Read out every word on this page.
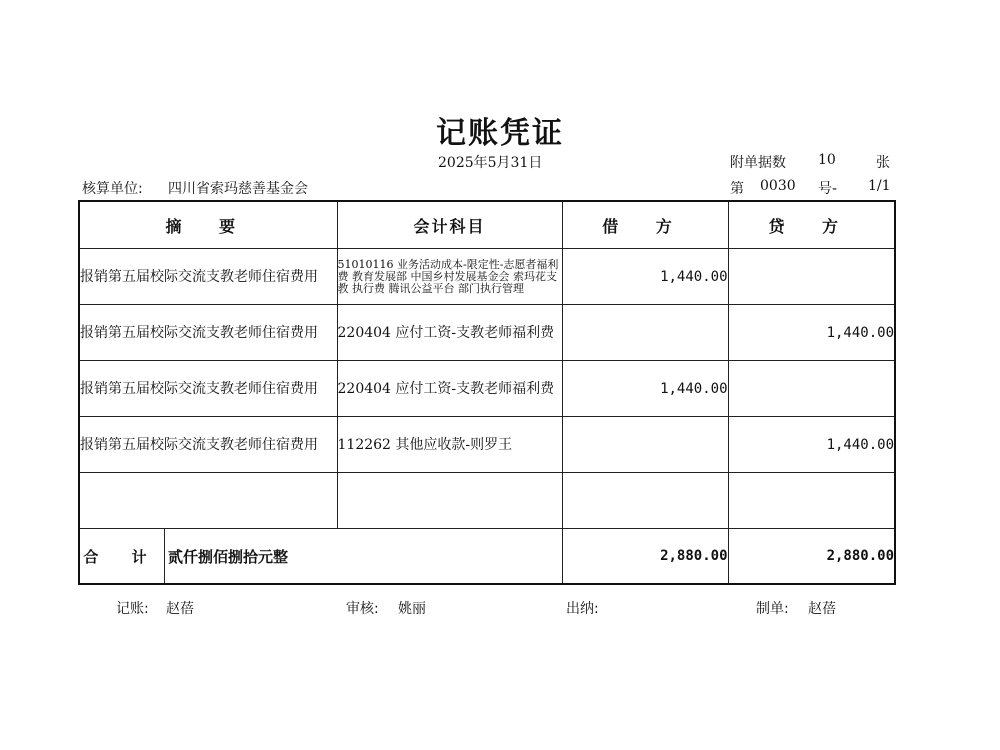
记账凭证
2025年5月31日	附单据数 10	张
核算单位: 四川省索玛慈善基金会	第 0030 号- 1/1
摘 要	会计科目	借 方	贷 方
报销第五届校际交流支教老师住宿费用	51010116 业务活动成本-限定性-志愿者福利费 教育发展部 中国乡村发展基金会 索玛花支教 执行费 腾讯公益平台 部门执行管理	1,440.00	
报销第五届校际交流支教老师住宿费用	220404 应付工资-支教老师福利费		1,440.00
报销第五届校际交流支教老师住宿费用	220404 应付工资-支教老师福利费	1,440.00	
报销第五届校际交流支教老师住宿费用	112262 其他应收款-则罗王		1,440.00

合 计 贰仟捌佰捌拾元整		2,880.00	2,880.00
记账: 赵蓓	审核: 姚丽	出纳:	制单: 赵蓓
